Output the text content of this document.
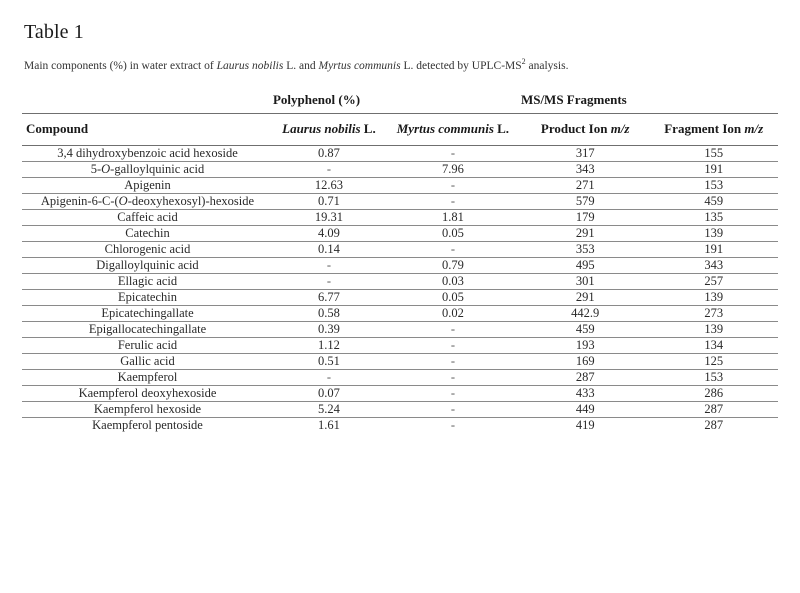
Table 1

Main components (%) in water extract of Laurus nobilis L. and Myrtus communis L. detected by UPLC-$MS^2$ analysis.

	Polyphenol (%)		MS/MS Fragments	
Compound	Laurus nobilis L.	Myrtus communis L.	Product Ion m/z	Fragment Ion m/z
3,4 dihydroxybenzoic acid hexoside	0.87	-	317	155
5-O-galloylquinic acid	-	7.96	343	191
Apigenin	12.63	-	271	153
Apigenin-6-C-(O-deoxyhexosyl)-hexoside	0.71	-	579	459
Caffeic acid	19.31	1.81	179	135
Catechin	4.09	0.05	291	139
Chlorogenic acid	0.14	-	353	191
Digalloylquinic acid	-	0.79	495	343
Ellagic acid	-	0.03	301	257
Epicatechin	6.77	0.05	291	139
Epicatechingallate	0.58	0.02	442.9	273
Epigallocatechingallate	0.39	-	459	139
Ferulic acid	1.12	-	193	134
Gallic acid	0.51	-	169	125
Kaempferol	-	-	287	153
Kaempferol deoxyhexoside	0.07	-	433	286
Kaempferol hexoside	5.24	-	449	287
Kaempferol pentoside	1.61	-	419	287
